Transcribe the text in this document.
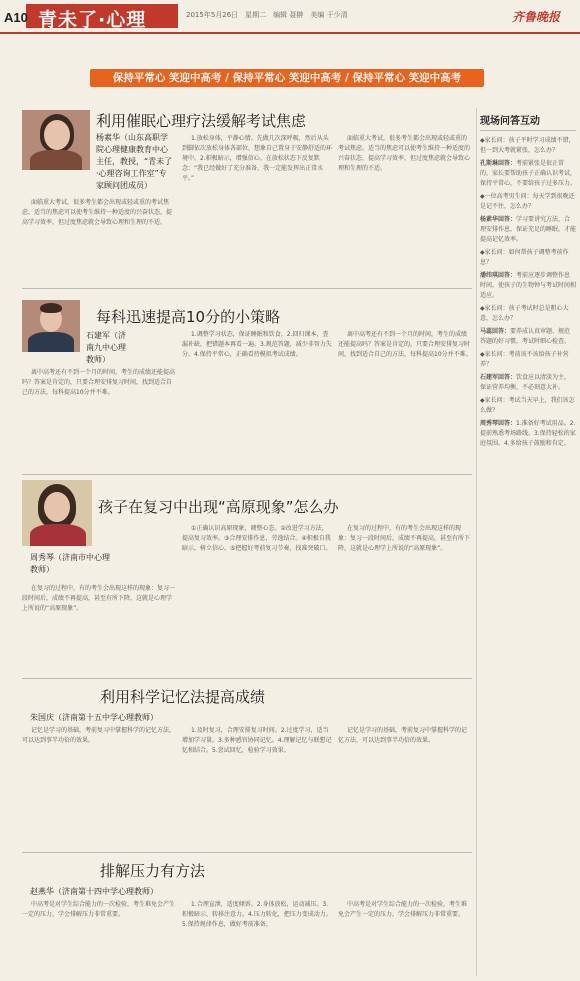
A10 青未了·心理	2015年5月26日　星期二　编辑 聂翀　美编 干少清	齐鲁晚报
保持平常心 笑迎中高考 / 保持平常心 笑迎中高考 / 保持平常心 笑迎中高考
利用催眠心理疗法缓解考试焦虑
杨素华（山东高职学院心理健康教育中心主任，教授，“青未了·心理咨询工作室”专家顾问团成员）

面临重大考试，很多考生都会出现或轻或重的考试焦虑。适当的焦虑可以使考生维持一种适度的兴奋状态，提高学习效率，但过度焦虑就会导致心理和生理的不适。

1.放松身体，平静心情。先做几次深呼吸，然后从头到脚依次放松身体各部位，想象自己置身于安静舒适的环境中。2.积极暗示，增强信心。在放松状态下反复默念：“我已经做好了充分准备，我一定能发挥出正常水平。”

面临重大考试，很多考生都会出现或轻或重的考试焦虑。适当的焦虑可以使考生维持一种适度的兴奋状态，提高学习效率，但过度焦虑就会导致心理和生理的不适。

每科迅速提高10分的小策略
石建军（济南九中心理教师）

离中高考还有不到一个月的时间，考生的成绩还能提高吗？答案是肯定的，只要合理安排复习时间，找到适合自己的方法，每科提高10分并不难。

1.调整学习状态，保证睡眠和饮食。2.回归课本，查漏补缺，把错题本再看一遍。3.规范答题，减少非智力失分。4.保持平常心，正确看待模拟考试成绩。

离中高考还有不到一个月的时间，考生的成绩还能提高吗？答案是肯定的，只要合理安排复习时间，找到适合自己的方法，每科提高10分并不难。

孩子在复习中出现“高原现象”怎么办
周秀琴（济南市中心理教师）

在复习的过程中，有的考生会出现这样的现象：复习一段时间后，成绩不再提高，甚至有所下降，这就是心理学上所说的“高原现象”。

①正确认识高原现象，调整心态。②改进学习方法，提高复习效率。③合理安排作息，劳逸结合。④积极自我暗示，树立信心。⑤把握好考前复习节奏，找准突破口。

在复习的过程中，有的考生会出现这样的现象：复习一段时间后，成绩不再提高，甚至有所下降，这就是心理学上所说的“高原现象”。

利用科学记忆法提高成绩
朱国庆（济南第十五中学心理教师）

记忆是学习的基础，考前复习中掌握科学的记忆方法，可以达到事半功倍的效果。

1.及时复习，合理安排复习时间。2.过度学习，适当增加学习量。3.多种感官协同记忆。4.理解记忆与联想记忆相结合。5.尝试回忆，检验学习效果。

记忆是学习的基础，考前复习中掌握科学的记忆方法，可以达到事半功倍的效果。

排解压力有方法
赵燕华（济南第十四中学心理教师）

中高考是对学生综合能力的一次检验，考生难免会产生一定的压力，学会排解压力非常重要。

1.合理宣泄，适度倾诉。2.身体放松，运动减压。3.积极暗示，转移注意力。4.压力转化，把压力变成动力。5.保持规律作息，做好考前准备。

中高考是对学生综合能力的一次检验，考生难免会产生一定的压力，学会排解压力非常重要。

现场问答互动

◆家长问：孩子平时学习成绩不错，但一到大考就紧张，怎么办？

孔斯琳回答：考前紧张是很正常的，家长要帮助孩子正确认识考试，保持平常心，不要给孩子过多压力。

◆一位高考男生问：每天学到很晚还是记不住，怎么办？

杨素华回答：学习要讲究方法，合理安排作息，保证充足的睡眠，才能提高记忆效率。

◆家长问：如何帮孩子调整考前作息？

潘纬琪回答：考前应逐步调整作息时间，使孩子的生物钟与考试时间相适应。

◆家长问：孩子考试时总是粗心大意，怎么办？

马蕊回答：要养成认真审题、规范答题的好习惯，考试时细心检查。

◆家长问：考前该不该给孩子补营养？

石建军回答：饮食应以清淡为主，保证营养均衡，不必刻意大补。

◆家长问：考试当天早上，我们该怎么做？

周秀琴回答：1.准备好考试用品。2.提前熟悉考场路线。3.保持轻松的家庭氛围。4.多给孩子鼓励和肯定。
